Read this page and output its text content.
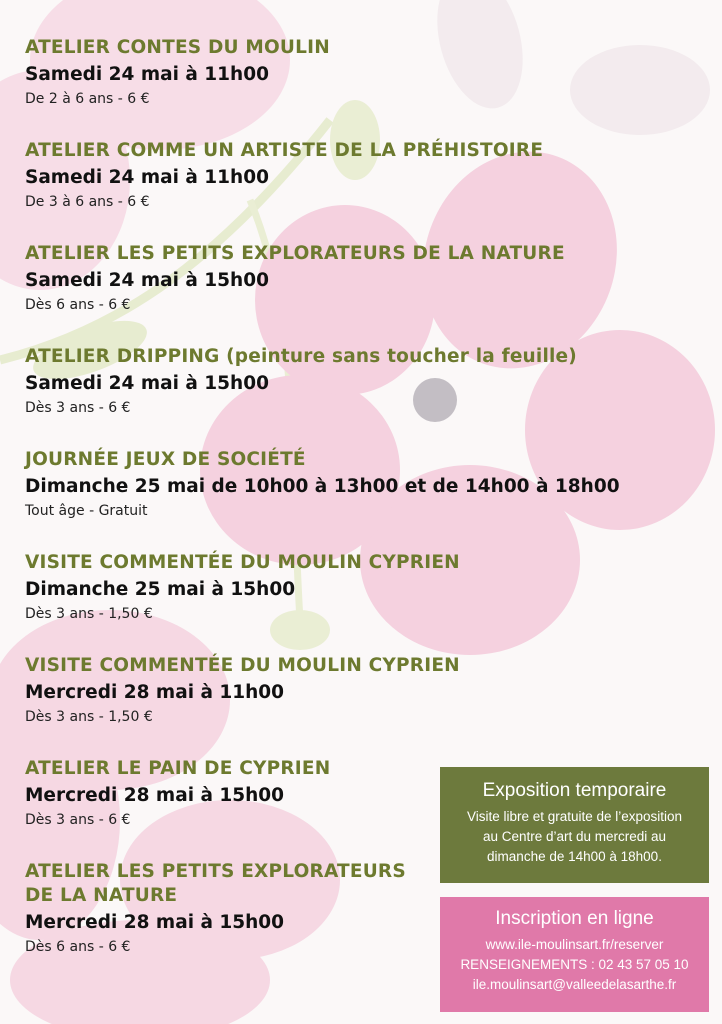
ATELIER CONTES DU MOULIN

Samedi 24 mai à 11h00

De 2 à 6 ans - 6 €

ATELIER COMME UN ARTISTE DE LA PRÉHISTOIRE

Samedi 24 mai à 11h00

De 3 à 6 ans - 6 €

ATELIER LES PETITS EXPLORATEURS DE LA NATURE

Samedi 24 mai à 15h00

Dès 6 ans - 6 €

ATELIER DRIPPING (peinture sans toucher la feuille)

Samedi 24 mai à 15h00

Dès 3 ans - 6 €

JOURNÉE JEUX DE SOCIÉTÉ

Dimanche 25 mai de 10h00 à 13h00 et de 14h00 à 18h00

Tout âge - Gratuit

VISITE COMMENTÉE DU MOULIN CYPRIEN

Dimanche 25 mai à 15h00

Dès 3 ans - 1,50 €

VISITE COMMENTÉE DU MOULIN CYPRIEN

Mercredi 28 mai à 11h00

Dès 3 ans - 1,50 €

ATELIER LE PAIN DE CYPRIEN

Mercredi 28 mai à 15h00

Dès 3 ans - 6 €

ATELIER LES PETITS EXPLORATEURS

DE LA NATURE

Mercredi 28 mai à 15h00

Dès 6 ans - 6 €

Exposition temporaire
Visite libre et gratuite de l’exposition
au Centre d’art du mercredi au
dimanche de 14h00 à 18h00.
Inscription en ligne
www.ile-moulinsart.fr/reserver
RENSEIGNEMENTS : 02 43 57 05 10
ile.moulinsart@valleedelasarthe.fr
